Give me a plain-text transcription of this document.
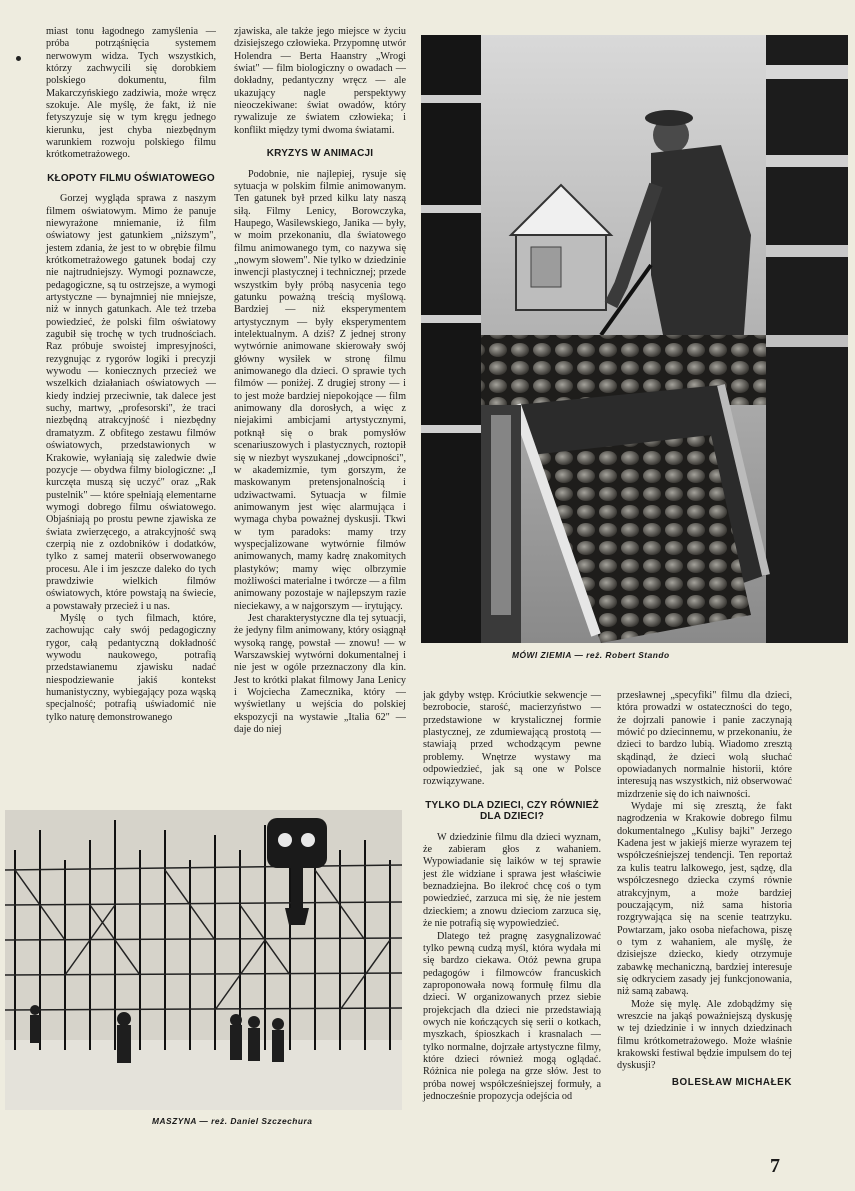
miast tonu łagodnego zamyślenia — próba potrząśnięcia systemem nerwowym widza. Tych wszystkich, którzy zachwycili się dorobkiem polskiego dokumentu, film Makarczyńskiego zadziwia, może wręcz szokuje. Ale myślę, że fakt, iż nie fetyszyzuje się w tym kręgu jednego kierunku, jest chyba niezbędnym warunkiem rozwoju polskiego filmu krótkometrażowego.

KŁOPOTY FILMU OŚWIATOWEGO

Gorzej wygląda sprawa z naszym filmem oświatowym. Mimo że panuje niewyrażone mniemanie, iż film oświatowy jest gatunkiem „niższym", jestem zdania, że jest to w obrębie filmu krótkometrażowego gatunek bodaj czy nie najtrudniejszy. Wymogi poznawcze, pedagogiczne, są tu ostrzejsze, a wymogi artystyczne — bynajmniej nie mniejsze, niż w innych gatunkach. Ale też trzeba powiedzieć, że polski film oświatowy zagubił się trochę w tych trudnościach. Raz próbuje swoistej impresyjności, rezygnując z rygorów logiki i precyzji wywodu — koniecznych przecież we wszelkich działaniach oświatowych — kiedy indziej przeciwnie, tak dalece jest suchy, martwy, „profesorski", że traci niezbędną atrakcyjność i niezbędny dramatyzm. Z obfitego zestawu filmów oświatowych, przedstawionych w Krakowie, wyłaniają się zaledwie dwie pozycje — obydwa filmy biologiczne: „I kurczęta muszą się uczyć" oraz „Rak pustelnik" — które spełniają elementarne wymogi dobrego filmu oświatowego. Objaśniają po prostu pewne zjawiska ze świata zwierzęcego, a atrakcyjność swą czerpią nie z ozdobników i dodatków, tylko z samej materii obserwowanego procesu. Ale i im jeszcze daleko do tych prawdziwie wielkich filmów oświatowych, które powstają na świecie, a powstawały przecież i u nas.

Myślę o tych filmach, które, zachowując cały swój pedagogiczny rygor, całą pedantyczną dokładność wywodu naukowego, potrafią przedstawianemu zjawisku nadać niespodziewanie jakiś kontekst humanistyczny, wybiegający poza wąską specjalność; potrafią uświadomić nie tylko naturę demonstrowanego

zjawiska, ale także jego miejsce w życiu dzisiejszego człowieka. Przypomnę utwór Holendra — Berta Haanstry „Wrogi świat" — film biologiczny o owadach — dokładny, pedantyczny wręcz — ale ukazujący nagle perspektywy nieoczekiwane: świat owadów, który rywalizuje ze światem człowieka; i konflikt między tymi dwoma światami.

KRYZYS W ANIMACJI

Podobnie, nie najlepiej, rysuje się sytuacja w polskim filmie animowanym. Ten gatunek był przed kilku laty naszą siłą. Filmy Lenicy, Borowczyka, Haupego, Wasilewskiego, Janika — były, w moim przekonaniu, dla światowego filmu animowanego tym, co nazywa się „nowym słowem". Nie tylko w dziedzinie inwencji plastycznej i technicznej; przede wszystkim były próbą nasycenia tego gatunku poważną treścią myślową. Bardziej — niż eksperymentem artystycznym — były eksperymentem intelektualnym. A dziś? Z jednej strony wytwórnie animowane skierowały swój główny wysiłek w stronę filmu animowanego dla dzieci. O sprawie tych filmów — poniżej. Z drugiej strony — i to jest może bardziej niepokojące — film animowany dla dorosłych, a więc z niejakimi ambicjami artystycznymi, potknął się o brak pomysłów scenariuszowych i plastycznych, roztopił się w niezbyt wyszukanej „dowcipności", w akademizmie, tym gorszym, że maskowanym pretensjonalnością i udziwactwami. Sytuacja w filmie animowanym jest więc alarmująca i wymaga chyba poważnej dyskusji. Tkwi w tym paradoks: mamy trzy wyspecjalizowane wytwórnie filmów animowanych, mamy kadrę znakomitych plastyków; mamy więc olbrzymie możliwości materialne i twórcze — a film animowany pozostaje w najlepszym razie nieciekawy, a w najgorszym — irytujący.

Jest charakterystyczne dla tej sytuacji, że jedyny film animowany, który osiągnął wysoką rangę, powstał — znowu! — w Warszawskiej wytwórni dokumentalnej i nie jest w ogóle przeznaczony dla kin. Jest to krótki plakat filmowy Jana Lenicy i Wojciecha Zamecznika, który — wyświetlany u wejścia do polskiej ekspozycji na wystawie „Italia 62" — daje do niej

MÓWI ZIEMIA — reż. Robert Stando

jak gdyby wstęp. Króciutkie sekwencje — bezrobocie, starość, macierzyństwo — przedstawione w krystalicznej formie plastycznej, ze zdumiewającą prostotą — stawiają przed wchodzącym pewne problemy. Wnętrze wystawy ma odpowiedzieć, jak są one w Polsce rozwiązywane.

TYLKO DLA DZIECI, CZY RÓWNIEŻ DLA DZIECI?

W dziedzinie filmu dla dzieci wyznam, że zabieram głos z wahaniem. Wypowiadanie się laików w tej sprawie jest źle widziane i sprawa jest właściwie beznadziejna. Bo ilekroć chcę coś o tym powiedzieć, zarzuca mi się, że nie jestem dzieckiem; a znowu dzieciom zarzuca się, że nie potrafią się wypowiedzieć.

Dlatego też pragnę zasygnalizować tylko pewną cudzą myśl, która wydała mi się bardzo ciekawa. Otóż pewna grupa pedagogów i filmowców francuskich zaproponowała nową formułę filmu dla dzieci. W organizowanych przez siebie projekcjach dla dzieci nie przedstawiają owych nie kończących się serii o kotkach, myszkach, śpioszkach i krasnalach — tylko normalne, dojrzałe artystyczne filmy, które dzieci również mogą oglądać. Różnica nie polega na grze słów. Jest to próba nowej współcześniejszej formuły, a jednocześnie propozycja odejścia od

przesławnej „specyfiki" filmu dla dzieci, która prowadzi w ostateczności do tego, że dojrzali panowie i panie zaczynają mówić po dziecinnemu, w przekonaniu, że dzieci to bardzo lubią. Wiadomo zresztą skądinąd, że dzieci wolą słuchać opowiadanych normalnie historii, które interesują nas wszystkich, niż obserwować mizdrzenie się do ich naiwności.

Wydaje mi się zresztą, że fakt nagrodzenia w Krakowie dobrego filmu dokumentalnego „Kulisy bajki" Jerzego Kadena jest w jakiejś mierze wyrazem tej współcześniejszej tendencji. Ten reportaż za kulis teatru lalkowego, jest, sądzę, dla współczesnego dziecka czymś równie atrakcyjnym, a może bardziej pouczającym, niż sama historia rozgrywająca się na scenie teatrzyku. Powtarzam, jako osoba niefachowa, piszę o tym z wahaniem, ale myślę, że dzisiejsze dziecko, kiedy otrzymuje zabawkę mechaniczną, bardziej interesuje się odkryciem zasady jej funkcjonowania, niż samą zabawą.

Może się mylę. Ale zdobądźmy się wreszcie na jakąś poważniejszą dyskusję w tej dziedzinie i w innych dziedzinach filmu krótkometrażowego. Może właśnie krakowski festiwal będzie impulsem do tej dyskusji?

BOLESŁAW MICHAŁEK
MASZYNA — reż. Daniel Szczechura
7
